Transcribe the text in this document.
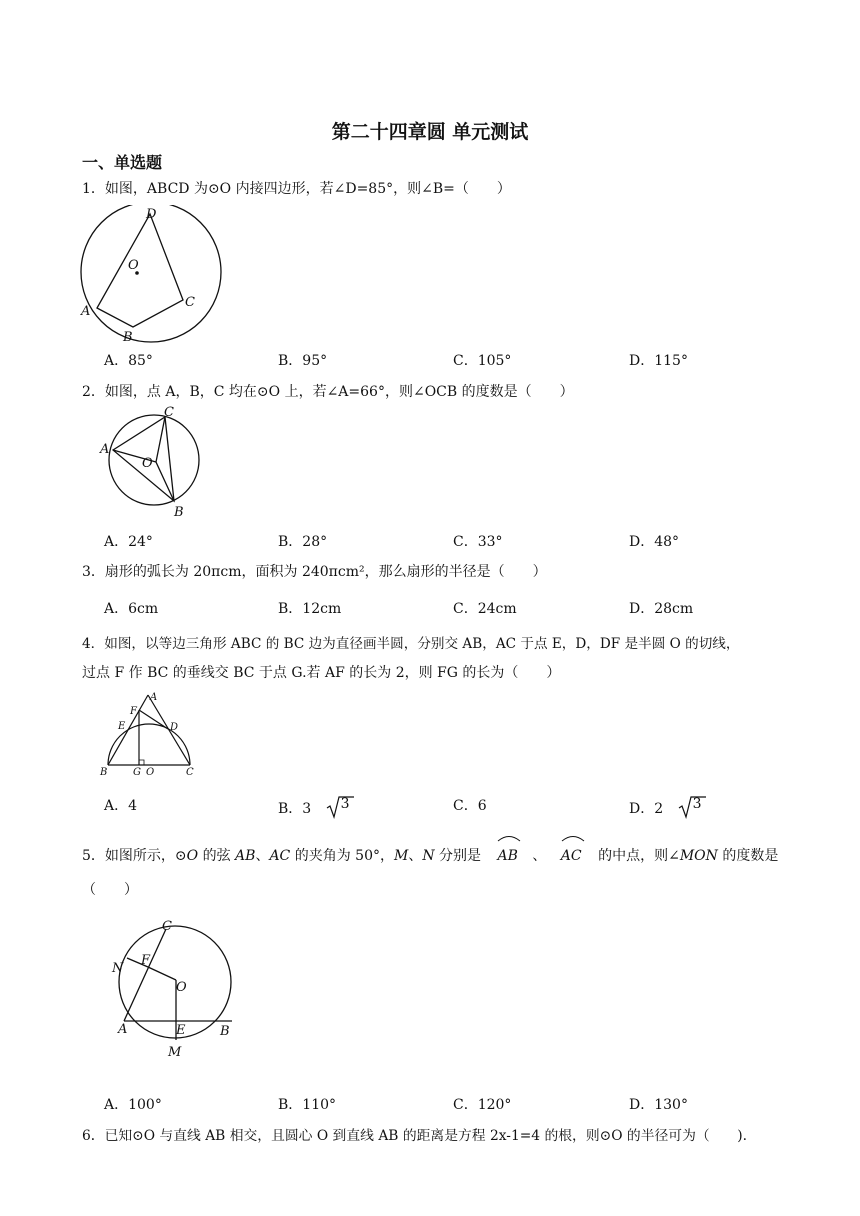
第二十四章圆 单元测试
一、单选题
1．如图，ABCD 为⊙O 内接四边形，若∠D=85°，则∠B=（　　）
D
O
A
B
C
A．85°	B．95°	C．105°	D．115°
2．如图，点 A，B，C 均在⊙O 上，若∠A=66°，则∠OCB 的度数是（　　）
C
A
O
B
A．24°	B．28°	C．33°	D．48°
3．扇形的弧长为 20πcm，面积为 240πcm²，那么扇形的半径是（　　）
A．6cm	B．12cm	C．24cm	D．28cm
4．如图，以等边三角形 ABC 的 BC 边为直径画半圆，分别交 AB，AC 于点 E，D，DF 是半圆 O 的切线，
过点 F 作 BC 的垂线交 BC 于点 G.若 AF 的长为 2，则 FG 的长为（　　）
A
F
E	D
B	G O	C
A．4	B．3 3	C．6	D．2 3
5．如图所示，⊙O 的弦 AB、AC 的夹角为 50°，M、N 分别是 AB 、 AC 的中点，则∠MON 的度数是
（　　）
C
N
F
O
A	E	B
M
A．100°	B．110°	C．120°	D．130°
6．已知⊙O 与直线 AB 相交，且圆心 O 到直线 AB 的距离是方程 2x-1=4 的根，则⊙O 的半径可为（　　).
